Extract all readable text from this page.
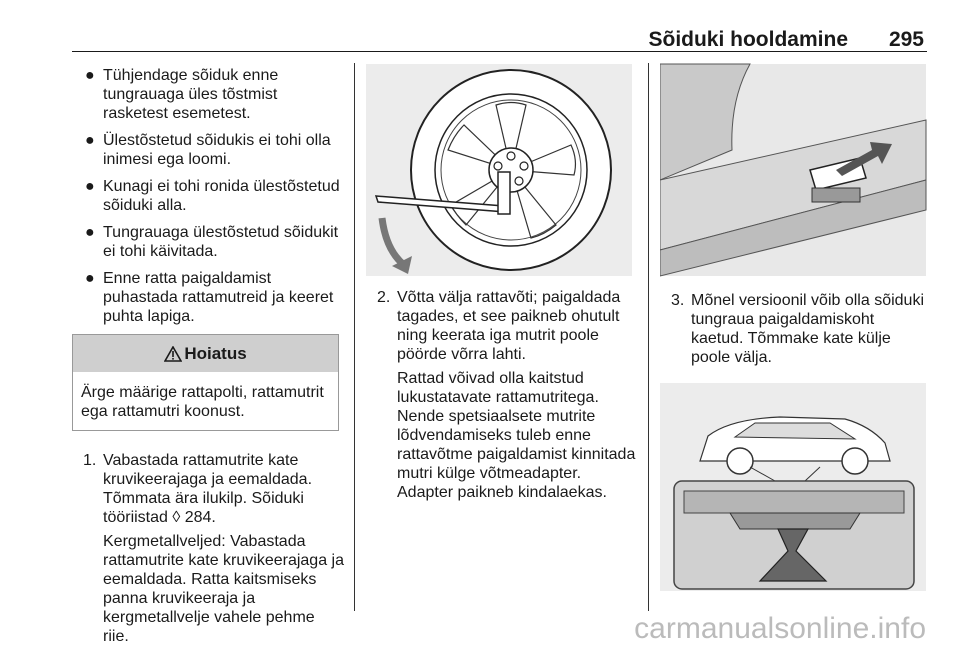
Sõiduki hooldamine 295
● Tühjendage sõiduk enne tungrauaga üles tõstmist rasketest esemetest.
● Ülestõstetud sõidukis ei tohi olla inimesi ega loomi.
● Kunagi ei tohi ronida ülestõstetud sõiduki alla.
● Tungrauaga ülestõstetud sõidukit ei tohi käivitada.
● Enne ratta paigaldamist puhastada rattamutreid ja keeret puhta lapiga.
Hoiatus
Ärge määrige rattapolti, rattamutrit ega rattamutri koonust.
1. Vabastada rattamutrite kate kruvikeerajaga ja eemaldada. Tõmmata ära ilukilp. Sõiduki tööriistad ◊ 284.

Kergmetallveljed: Vabastada rattamutrite kate kruvikeerajaga ja eemaldada. Ratta kaitsmiseks panna kruvikeeraja ja kergmetallvelje vahele pehme riie.

2. Võtta välja rattavõti; paigaldada tagades, et see paikneb ohutult ning keerata iga mutrit poole pöörde võrra lahti.

Rattad võivad olla kaitstud lukustatavate rattamutritega. Nende spetsiaalsete mutrite lõdvendamiseks tuleb enne rattavõtme paigaldamist kinnitada mutri külge võtmeadapter. Adapter paikneb kindalaekas.

3. Mõnel versioonil võib olla sõiduki tungraua paigaldamiskoht kaetud. Tõmmake kate külje poole välja.

carmanualsonline.info
